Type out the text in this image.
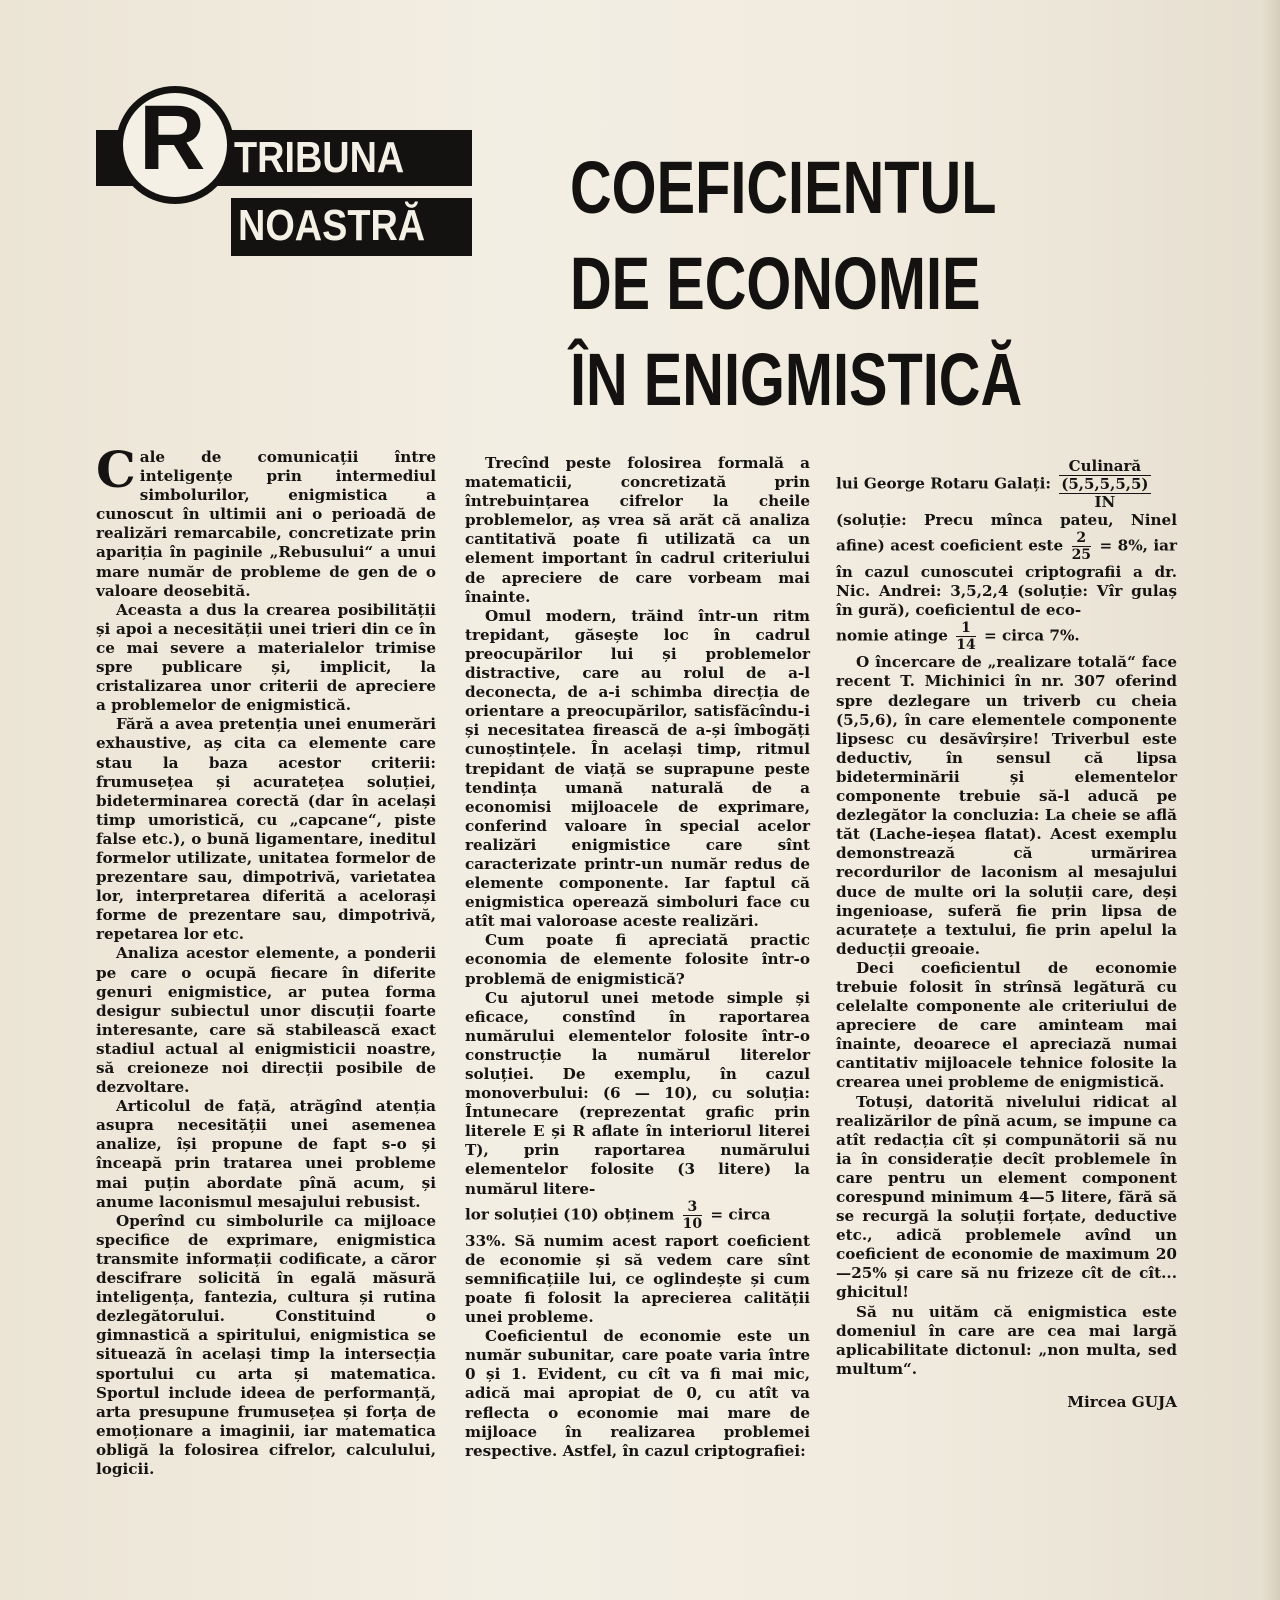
TRIBUNA
NOASTRĂ
R	COEFICIENTUL
DE ECONOMIE
ÎN ENIGMISTICĂ

Cale de comunicații între inteligențe prin intermediul simbolurilor, enigmistica a cunoscut în ultimii ani o perioadă de realizări remarcabile, concretizate prin apariția în paginile „Rebusului“ a unui mare număr de probleme de gen de o valoare deosebită.

Aceasta a dus la crearea posibilității și apoi a necesității unei trieri din ce în ce mai severe a materialelor trimise spre publicare și, implicit, la cristalizarea unor criterii de apreciere a problemelor de enigmistică.

Fără a avea pretenția unei enumerări exhaustive, aș cita ca elemente care stau la baza acestor criterii: frumusețea și acuratețea soluției, bideterminarea corectă (dar în același timp umoristică, cu „capcane“, piste false etc.), o bună ligamentare, ineditul formelor utilizate, unitatea formelor de prezentare sau, dimpotrivă, varietatea lor, interpretarea diferită a acelorași forme de prezentare sau, dimpotrivă, repetarea lor etc.

Analiza acestor elemente, a ponderii pe care o ocupă fiecare în diferite genuri enigmistice, ar putea forma desigur subiectul unor discuții foarte interesante, care să stabilească exact stadiul actual al enigmisticii noastre, să creioneze noi direcții posibile de dezvoltare.

Articolul de față, atrăgînd atenția asupra necesității unei asemenea analize, își propune de fapt s-o și înceapă prin tratarea unei probleme mai puțin abordate pînă acum, și anume laconismul mesajului rebusist.

Operînd cu simbolurile ca mijloace specifice de exprimare, enigmistica transmite informații codificate, a căror descifrare solicită în egală măsură inteligența, fantezia, cultura și rutina dezlegătorului. Constituind o gimnastică a spiritului, enigmistica se situează în același timp la intersecția sportului cu arta și matematica. Sportul include ideea de performanță, arta presupune frumusețea și forța de emoționare a imaginii, iar matematica obligă la folosirea cifrelor, calculului, logicii.

Trecînd peste folosirea formală a matematicii, concretizată prin întrebuințarea cifrelor la cheile problemelor, aș vrea să arăt că analiza cantitativă poate fi utilizată ca un element important în cadrul criteriului de apreciere de care vorbeam mai înainte.

Omul modern, trăind într-un ritm trepidant, găsește loc în cadrul preocupărilor lui și problemelor distractive, care au rolul de a-l deconecta, de a-i schimba direcția de orientare a preocupărilor, satisfăcîndu-i și necesitatea firească de a-și îmbogăți cunoștințele. În același timp, ritmul trepidant de viață se suprapune peste tendința umană naturală de a economisi mijloacele de exprimare, conferind valoare în special acelor realizări enigmistice care sînt caracterizate printr-un număr redus de elemente componente. Iar faptul că enigmistica operează simboluri face cu atît mai valoroase aceste realizări.

Cum poate fi apreciată practic economia de elemente folosite într-o problemă de enigmistică?

Cu ajutorul unei metode simple și eficace, constînd în raportarea numărului elementelor folosite într-o construcție la numărul literelor soluției. De exemplu, în cazul monoverbului: (6 — 10), cu soluția: Întunecare (reprezentat grafic prin literele E și R aflate în interiorul literei T), prin raportarea numărului elementelor folosite (3 litere) la numărul litere-

lor soluției (10) obținem $\frac{3}{10}$ = circa

33%. Să numim acest raport coeficient de economie și să vedem care sînt semnificațiile lui, ce oglindește și cum poate fi folosit la aprecierea calității unei probleme.

Coeficientul de economie este un număr subunitar, care poate varia între 0 și 1. Evident, cu cît va fi mai mic, adică mai apropiat de 0, cu atît va reflecta o economie mai mare de mijloace în realizarea problemei respective. Astfel, în cazul criptografiei:

lui George Rotaru Galați:
Culinară
(5,5,5,5,5)
IN

(soluție: Precu mînca pateu, Ninel afine) acest coeficient este $\frac{2}{25} = 8\%$, iar în cazul cunoscutei criptografii a dr. Nic. Andrei: 3,5,2,4 (soluție: Vîr gulaș în gură), coeficientul de eco-

nomie atinge $\frac{1}{14}$ = circa 7%.

O încercare de „realizare totală“ face recent T. Michinici în nr. 307 oferind spre dezlegare un triverb cu cheia (5,5,6), în care elementele componente lipsesc cu desăvîrșire! Triverbul este deductiv, în sensul că lipsa bideterminării și elementelor componente trebuie să-l aducă pe dezlegător la concluzia: La cheie se află tăt (Lache-ieșea flatat). Acest exemplu demonstrează că urmărirea recordurilor de laconism al mesajului duce de multe ori la soluții care, deși ingenioase, suferă fie prin lipsa de acuratețe a textului, fie prin apelul la deducții greoaie.

Deci coeficientul de economie trebuie folosit în strînsă legătură cu celelalte componente ale criteriului de apreciere de care aminteam mai înainte, deoarece el apreciază numai cantitativ mijloacele tehnice folosite la crearea unei probleme de enigmistică.

Totuși, datorită nivelului ridicat al realizărilor de pînă acum, se impune ca atît redacția cît și compunătorii să nu ia în considerație decît problemele în care pentru un element component corespund minimum 4—5 litere, fără să se recurgă la soluții forțate, deductive etc., adică problemele avînd un coeficient de economie de maximum 20—25% și care să nu frizeze cît de cît... ghicitul!

Să nu uităm că enigmistica este domeniul în care are cea mai largă aplicabilitate dictonul: „non multa, sed multum“.

Mircea GUJA
